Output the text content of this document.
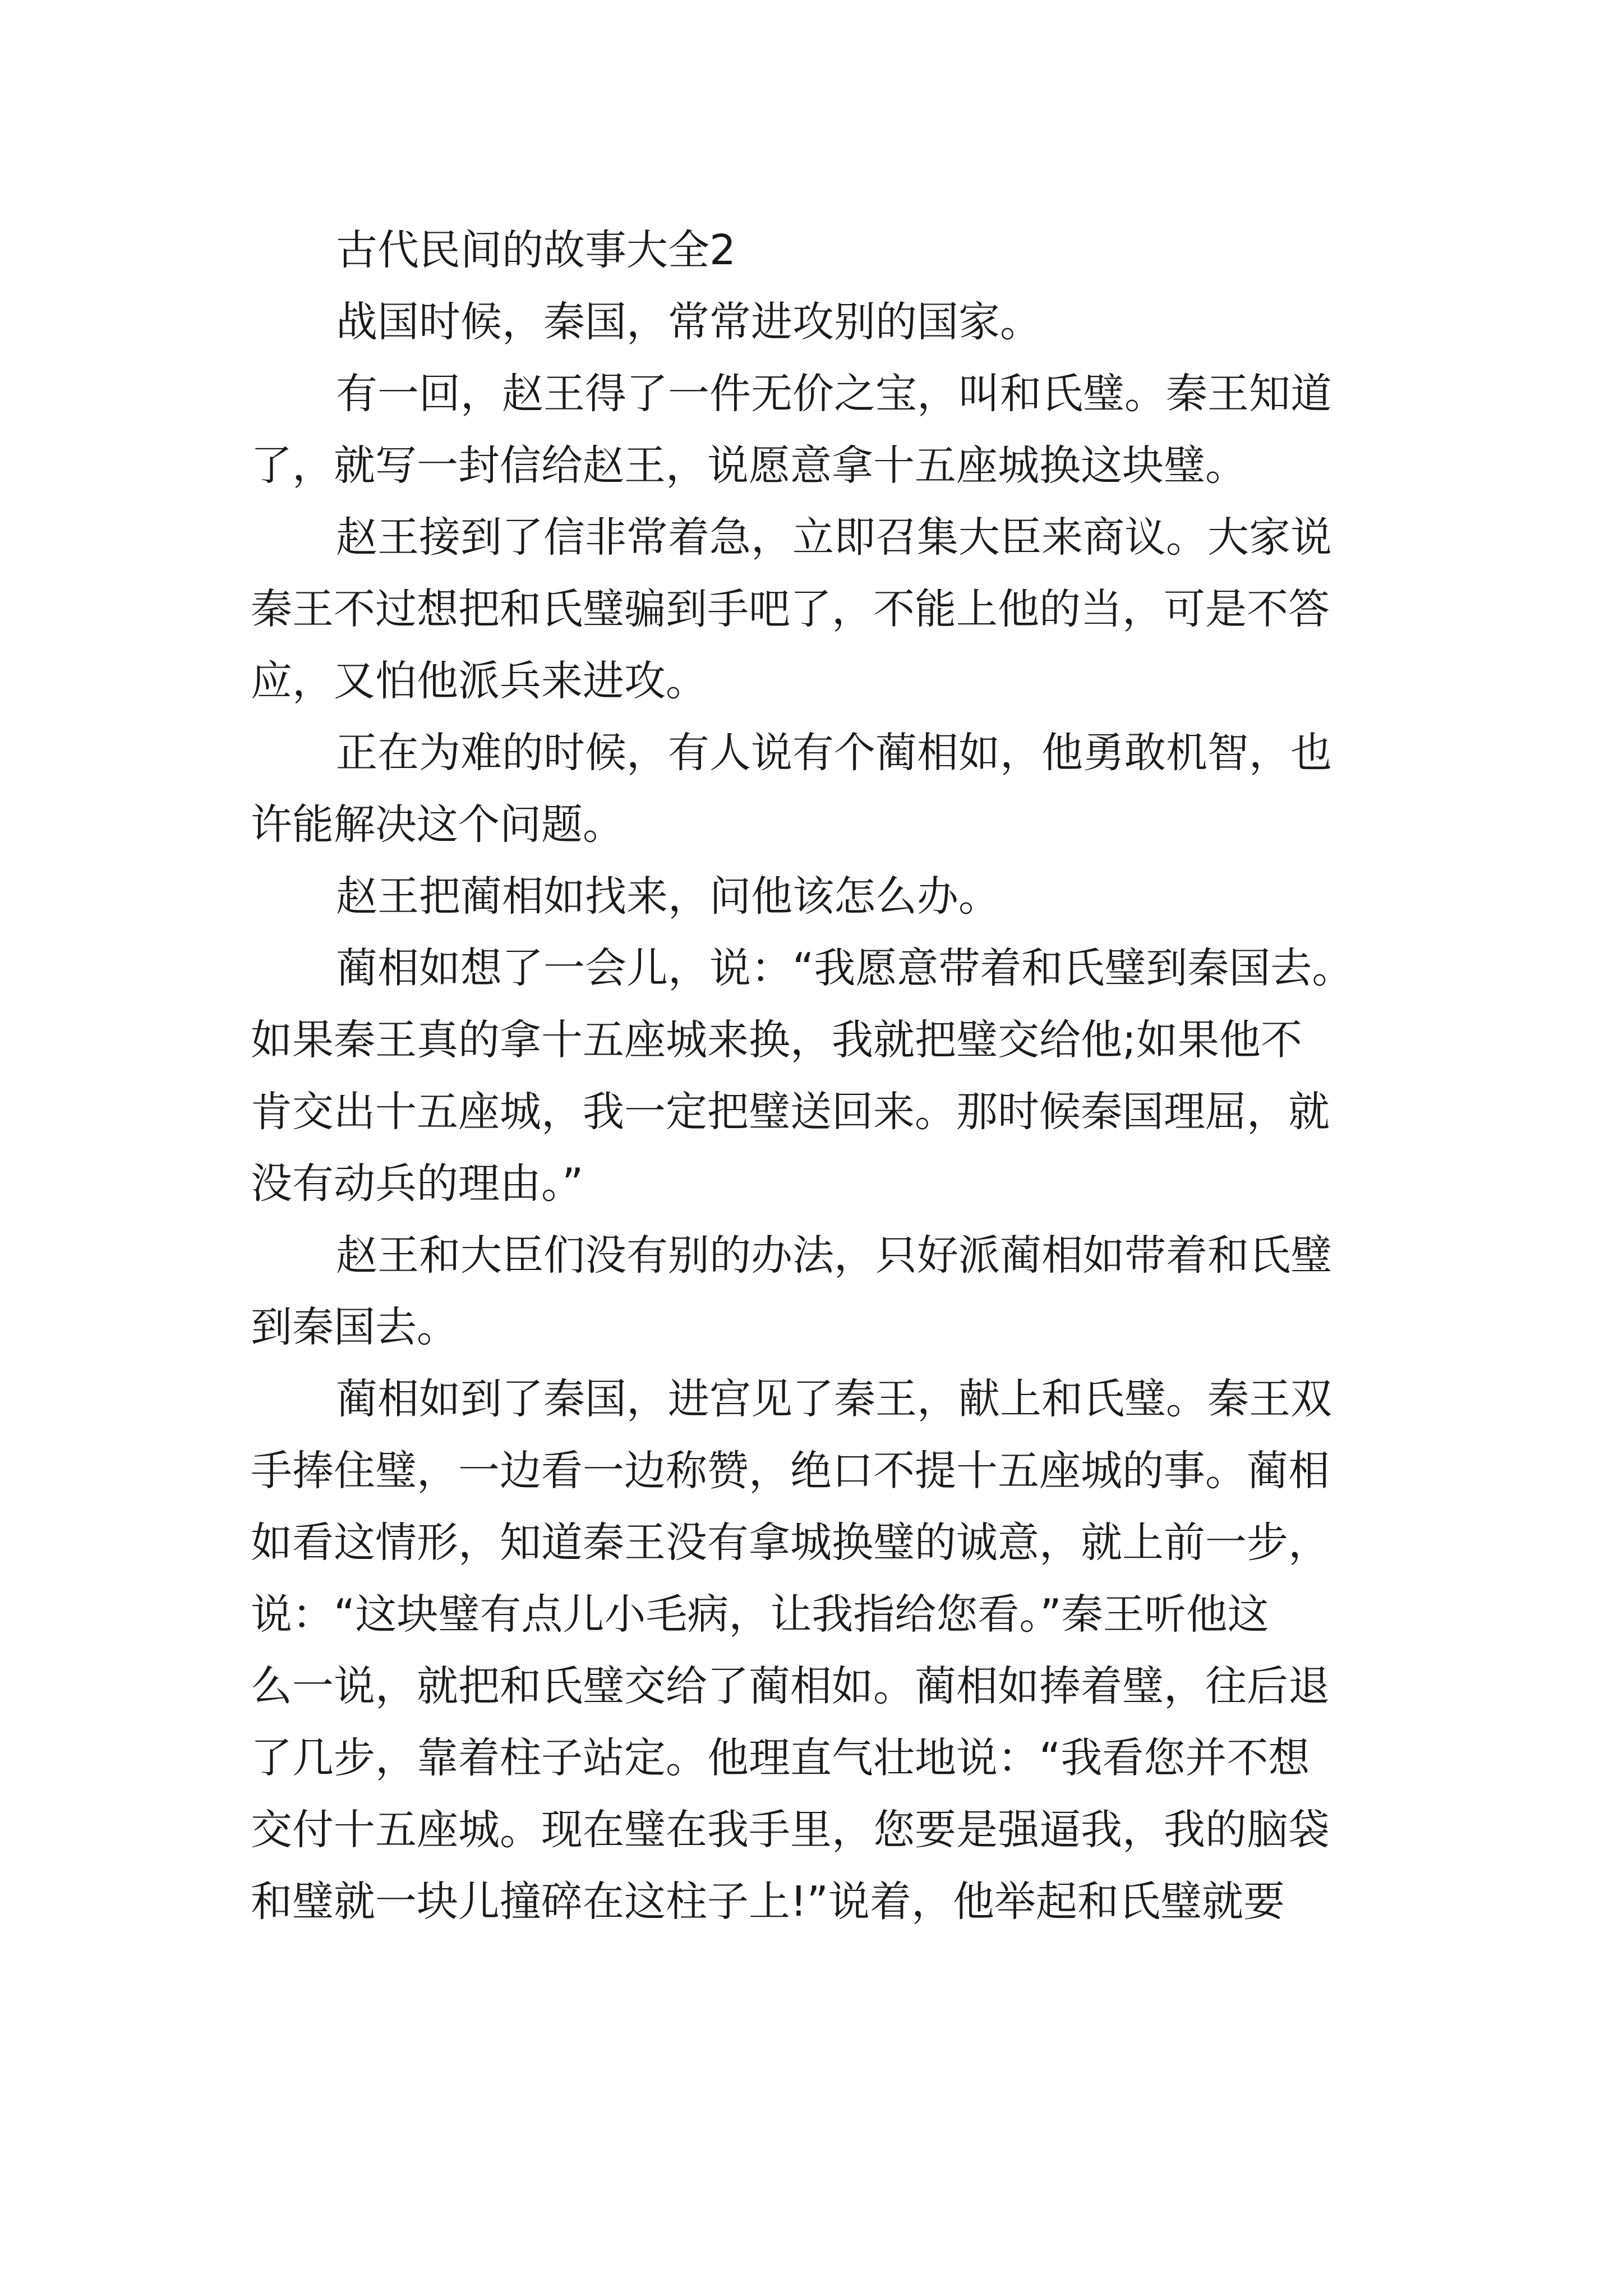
古代民间的故事大全2
战国时候，秦国，常常进攻别的国家。
有一回，赵王得了一件无价之宝，叫和氏璧。秦王知道
了，就写一封信给赵王，说愿意拿十五座城换这块璧。
赵王接到了信非常着急，立即召集大臣来商议。大家说
秦王不过想把和氏璧骗到手吧了，不能上他的当，可是不答
应，又怕他派兵来进攻。
正在为难的时候，有人说有个蔺相如，他勇敢机智，也
许能解决这个问题。
赵王把蔺相如找来，问他该怎么办。
蔺相如想了一会儿，说：“我愿意带着和氏璧到秦国去。
如果秦王真的拿十五座城来换，我就把璧交给他;如果他不
肯交出十五座城，我一定把璧送回来。那时候秦国理屈，就
没有动兵的理由。”
赵王和大臣们没有别的办法，只好派蔺相如带着和氏璧
到秦国去。
蔺相如到了秦国，进宫见了秦王，献上和氏璧。秦王双
手捧住璧，一边看一边称赞，绝口不提十五座城的事。蔺相
如看这情形，知道秦王没有拿城换璧的诚意，就上前一步，
说：“这块璧有点儿小毛病，让我指给您看。”秦王听他这
么一说，就把和氏璧交给了蔺相如。蔺相如捧着璧，往后退
了几步，靠着柱子站定。他理直气壮地说：“我看您并不想
交付十五座城。现在璧在我手里，您要是强逼我，我的脑袋
和璧就一块儿撞碎在这柱子上!”说着，他举起和氏璧就要
